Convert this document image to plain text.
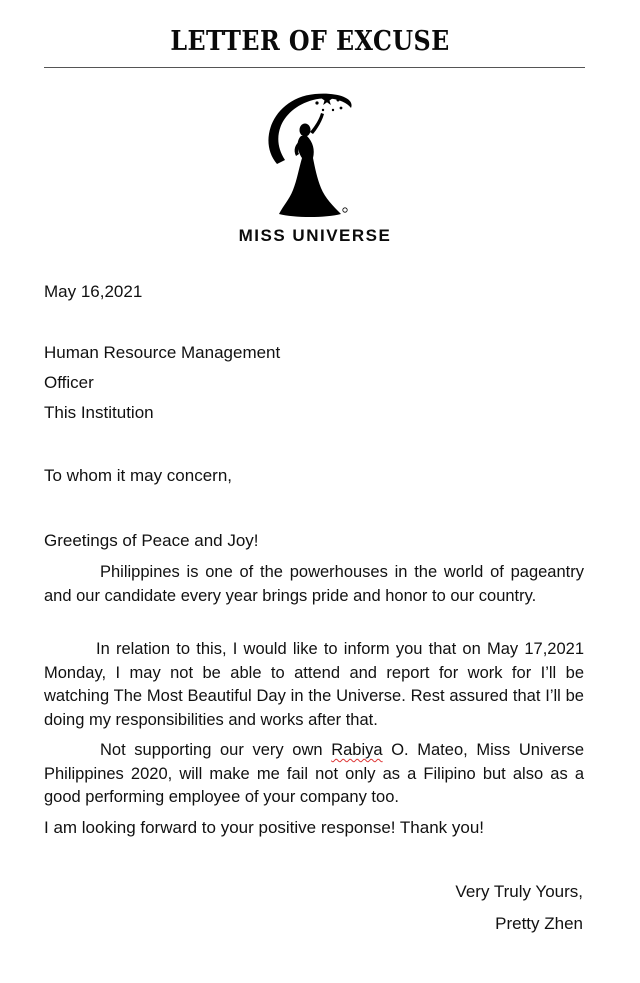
LETTER OF EXCUSE
MISS UNIVERSE
May 16,2021
Human Resource Management
Officer
This Institution
To whom it may concern,
Greetings of Peace and Joy!
Philippines is one of the powerhouses in the world of pageantry and our candidate every year brings pride and honor to our country.
In relation to this, I would like to inform you that on May 17,2021 Monday, I may not be able to attend and report for work for I’ll be watching The Most Beautiful Day in the Universe. Rest assured that I’ll be doing my responsibilities and works after that.
Not supporting our very own Rabiya O. Mateo, Miss Universe Philippines 2020, will make me fail not only as a Filipino but also as a good performing employee of your company too.
I am looking forward to your positive response! Thank you!
Very Truly Yours,
Pretty Zhen
